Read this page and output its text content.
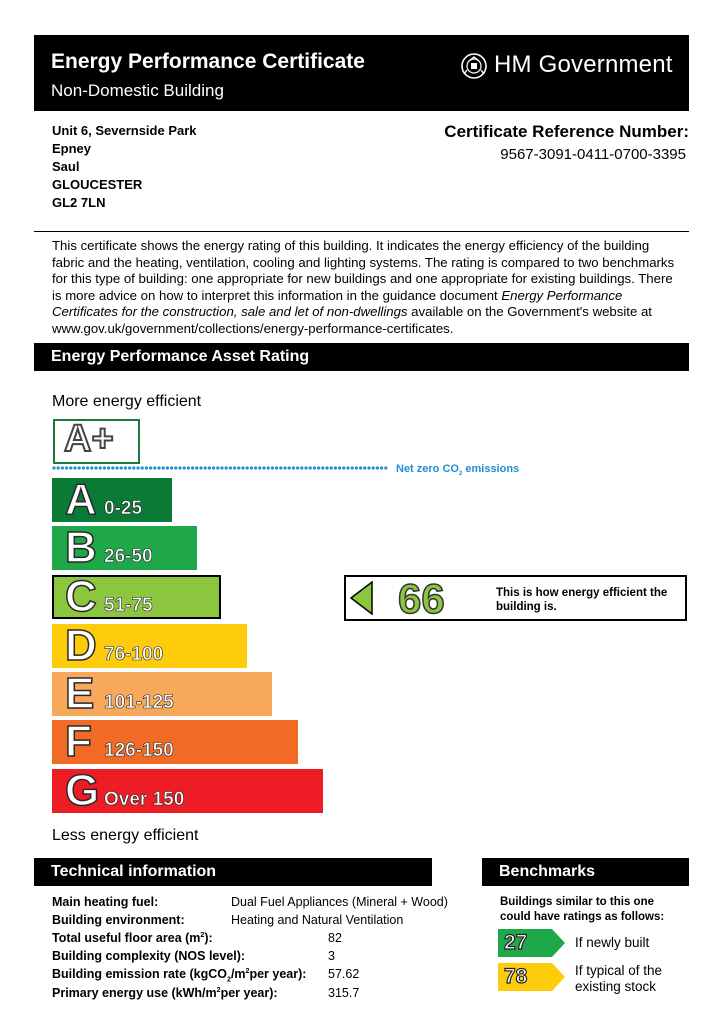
Energy Performance Certificate
Non-Domestic Building
HM Government
Unit 6, Severnside Park
Epney
Saul
GLOUCESTER
GL2 7LN
Certificate Reference Number:
9567-3091-0411-0700-3395
This certificate shows the energy rating of this building. It indicates the energy efficiency of the building fabric and the heating, ventilation, cooling and lighting systems. The rating is compared to two benchmarks for this type of building: one appropriate for new buildings and one appropriate for existing buildings. There is more advice on how to interpret this information in the guidance document Energy Performance Certificates for the construction, sale and let of non-dwellings available on the Government's website at www.gov.uk/government/collections/energy-performance-certificates.
Energy Performance Asset Rating
More energy efficient
A+
Net zero $CO_2$ emissions
A 0-25
B 26-50
C 51-75
D 76-100
E 101-125
F 126-150
G Over 150
66	This is how energy efficient the building is.
Less energy efficient
Technical information
Main heating fuel:	Dual Fuel Appliances (Mineral + Wood)
Building environment:	Heating and Natural Ventilation
Total useful floor area $(m^2)$:	82
Building complexity (NOS level):	3
Building emission rate ($kgCO_2/m^2per$ year): 57.62
Primary energy use ($kWh/m^2per$ year):	315.7
Benchmarks
Buildings similar to this one could have ratings as follows:
27	If newly built
78	If typical of the existing stock
